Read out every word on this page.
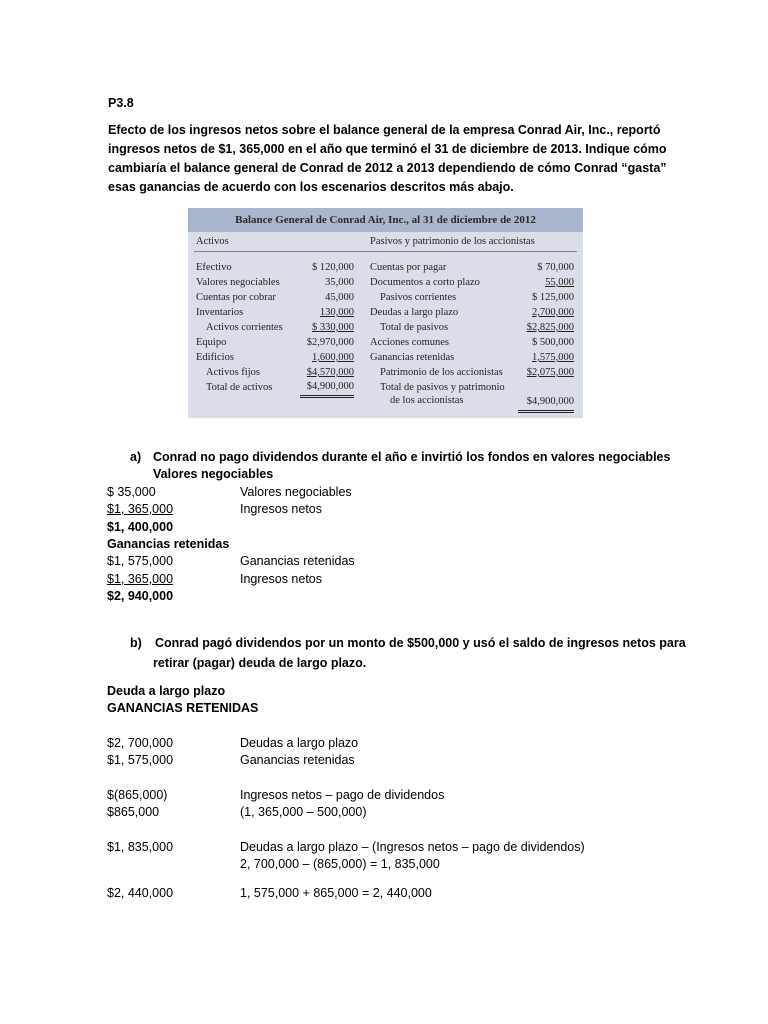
P3.8
Efecto de los ingresos netos sobre el balance general de la empresa Conrad Air, Inc., reportó ingresos netos de $1, 365,000 en el año que terminó el 31 de diciembre de 2013. Indique cómo cambiaría el balance general de Conrad de 2012 a 2013 dependiendo de cómo Conrad “gasta” esas ganancias de acuerdo con los escenarios descritos más abajo.
Balance General de Conrad Air, Inc., al 31 de diciembre de 2012
Activos	Pasivos y patrimonio de los accionistas
Efectivo	$ 120,000
Valores negociables	35,000
Cuentas por cobrar	45,000
Inventarios	130,000
Activos corrientes	$ 330,000
Equipo	$2,970,000
Edificios	1,600,000
Activos fijos	$4,570,000
Total de activos	$4,900,000
Cuentas por pagar	$ 70,000
Documentos a corto plazo	55,000
Pasivos corrientes	$ 125,000
Deudas a largo plazo	2,700,000
Total de pasivos	$2,825,000
Acciones comunes	$ 500,000
Ganancias retenidas	1,575,000
Patrimonio de los accionistas	$2,075,000
Total de pasivos y patrimonio
de los accionistas	$4,900,000
a) Conrad no pago dividendos durante el año e invirtió los fondos en valores negociables
Valores negociables
$ 35,000	Valores negociables
$1, 365,000	Ingresos netos
$1, 400,000
Ganancias retenidas
$1, 575,000	Ganancias retenidas
$1, 365,000	Ingresos netos
$2, 940,000
b) Conrad pagó dividendos por un monto de $500,000 y usó el saldo de ingresos netos para
retirar (pagar) deuda de largo plazo.
Deuda a largo plazo
GANANCIAS RETENIDAS
$2, 700,000	Deudas a largo plazo
$1, 575,000	Ganancias retenidas
$(865,000)	Ingresos netos – pago de dividendos
$865,000	(1, 365,000 – 500,000)
$1, 835,000	Deudas a largo plazo – (Ingresos netos – pago de dividendos)
2, 700,000 – (865,000) = 1, 835,000
$2, 440,000	1, 575,000 + 865,000 = 2, 440,000
